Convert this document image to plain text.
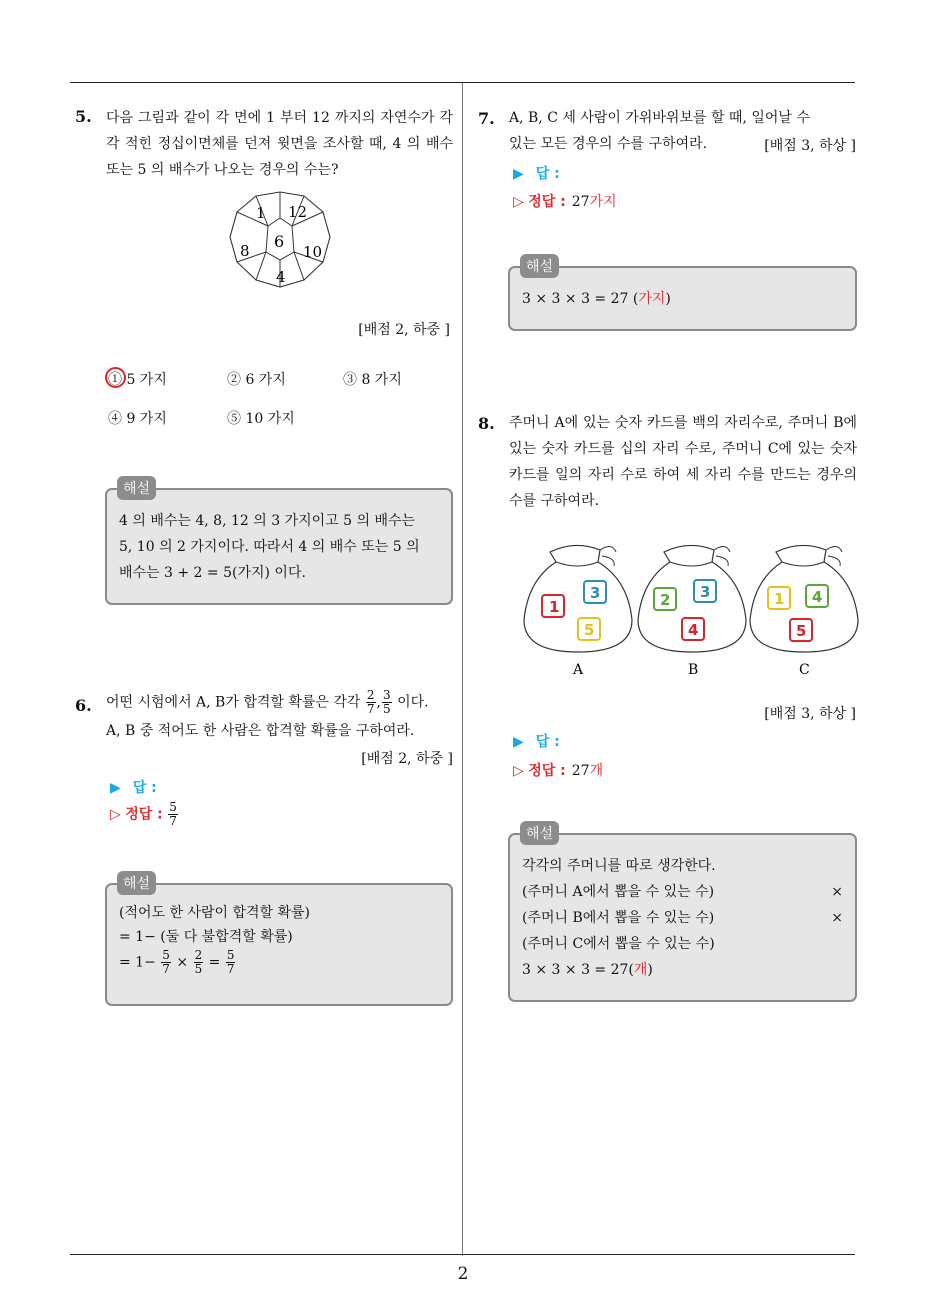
2
5. 다음 그림과 같이 각 면에 1 부터 12 까지의 자연수가 각각 적힌 정십이면체를 던져 윗면을 조사할 때, 4 의 배수 또는 5 의 배수가 나오는 경우의 수는?
1 12
6
8	10
4
[배점 2, 하중 ]
① 5 가지	② 6 가지	③ 8 가지
④ 9 가지	⑤ 10 가지
해설
4 의 배수는 4, 8, 12 의 3 가지이고 5 의 배수는
5, 10 의 2 가지이다. 따라서 4 의 배수 또는 5 의
배수는 3 + 2 = 5(가지) 이다.
6. 어떤 시험에서 A, B가 합격할 확률은 각각 $\frac{2}{7}$ , $\frac{3}{5}$ 이다.
A, B 중 적어도 한 사람은 합격할 확률을 구하여라.
[배점 2, 하중 ]
▶ 답 :
▷ 정답 : $\frac{5}{7}$
해설
(적어도 한 사람이 합격할 확률)
= 1− (둘 다 불합격할 확률)
= $1- \frac{5}{7} \times \frac{2}{5} = \frac{5}{7}$
7. A, B, C 세 사람이 가위바위보를 할 때, 일어날 수
있는 모든 경우의 수를 구하여라.	[배점 3, 하상 ]
▶ 답 :
▷ 정답 : 27가지
해설
3 × 3 × 3 = 27 (가지)
8. 주머니 A에 있는 숫자 카드를 백의 자리수로, 주머니 B에 있는 숫자 카드를 십의 자리 수로, 주머니 C에 있는 숫자 카드를 일의 자리 수로 하여 세 자리 수를 만드는 경우의 수를 구하여라.
1
3
5
A
2 3
4
B
1 4
5
C
[배점 3, 하상 ]
▶ 답 :
▷ 정답 : 27개
해설
각각의 주머니를 따로 생각한다.
(주머니 A에서 뽑을 수 있는 수)	×
(주머니 B에서 뽑을 수 있는 수)	×
(주머니 C에서 뽑을 수 있는 수)
3 × 3 × 3 = 27(개)
